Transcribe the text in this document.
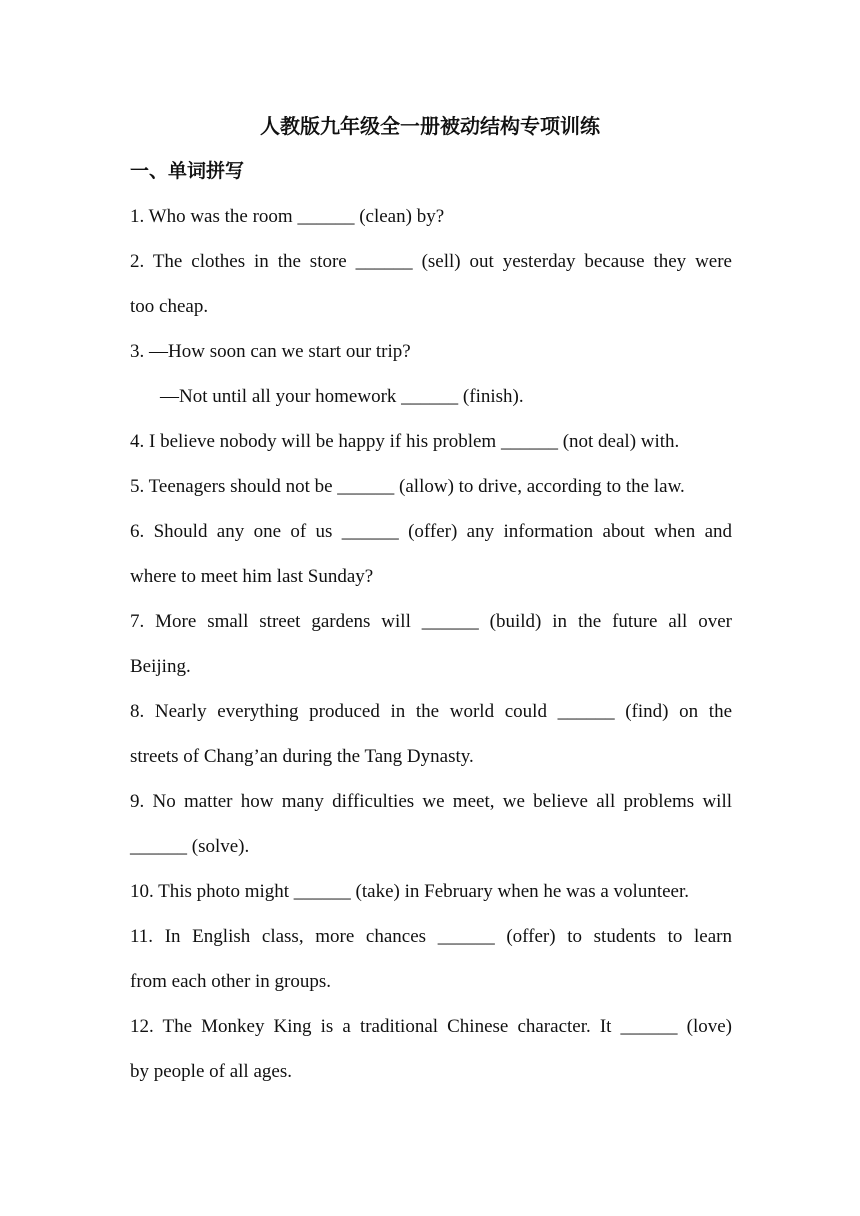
人教版九年级全一册被动结构专项训练
一、单词拼写
1. Who was the room ______ (clean) by?
2. The clothes in the store ______ (sell) out yesterday because they were
too cheap.
3. —How soon can we start our trip?
—Not until all your homework ______ (finish).
4. I believe nobody will be happy if his problem ______ (not deal) with.
5. Teenagers should not be ______ (allow) to drive, according to the law.
6. Should any one of us ______ (offer) any information about when and
where to meet him last Sunday?
7. More small street gardens will ______ (build) in the future all over
Beijing.
8. Nearly everything produced in the world could ______ (find) on the
streets of Chang’an during the Tang Dynasty.
9. No matter how many difficulties we meet, we believe all problems will
______ (solve).
10. This photo might ______ (take) in February when he was a volunteer.
11. In English class, more chances ______ (offer) to students to learn
from each other in groups.
12. The Monkey King is a traditional Chinese character. It ______ (love)
by people of all ages.
